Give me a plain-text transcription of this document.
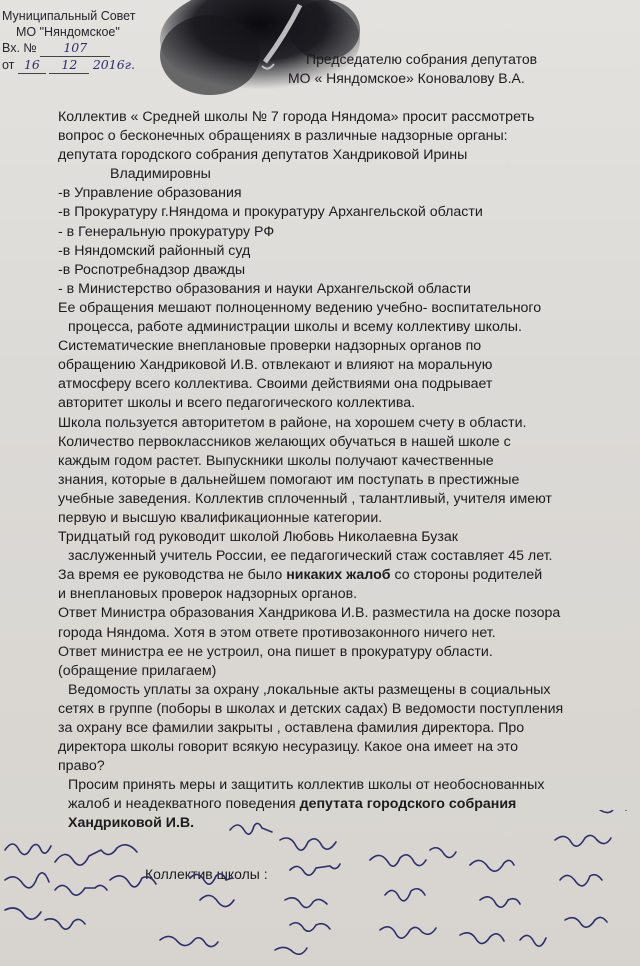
Муниципальный Совет
МО "Няндомское"
Вх. № 107
от 16 12 2016г.	Председателю собрания депутатов
МО « Няндомское» Коновалову В.А.

Коллектив « Средней школы № 7 города Няндома» просит рассмотреть

вопрос о бесконечных обращениях в различные надзорные органы:

депутата городского собрания депутатов Хандриковой Ирины

Владимировны

-в Управление образования

-в Прокуратуру г.Няндома и прокуратуру Архангельской области

- в Генеральную прокуратуру РФ

-в Няндомский районный суд

-в Роспотребнадзор дважды

- в Министерство образования и науки Архангельской области

Ее обращения мешают полноценному ведению учебно- воспитательного

процесса, работе администрации школы и всему коллективу школы.

Систематические внеплановые проверки надзорных органов по

обращению Хандриковой И.В. отвлекают и влияют на моральную

атмосферу всего коллектива. Своими действиями она подрывает

авторитет школы и всего педагогического коллектива.

Школа пользуется авторитетом в районе, на хорошем счету в области.

Количество первоклассников желающих обучаться в нашей школе с

каждым годом растет. Выпускники школы получают качественные

знания, которые в дальнейшем помогают им поступать в престижные

учебные заведения. Коллектив сплоченный , талантливый, учителя имеют

первую и высшую квалификационные категории.

Тридцатый год руководит школой Любовь Николаевна Бузак

заслуженный учитель России, ее педагогический стаж составляет 45 лет.

За время ее руководства не было никаких жалоб со стороны родителей

и внеплановых проверок надзорных органов.

Ответ Министра образования Хандрикова И.В. разместила на доске позора

города Няндома. Хотя в этом ответе противозаконного ничего нет.

Ответ министра ее не устроил, она пишет в прокуратуру области.

(обращение прилагаем)

Ведомость уплаты за охрану ,локальные акты размещены в социальных

сетях в группе (поборы в школах и детских садах) В ведомости поступления

за охрану все фамилии закрыты , оставлена фамилия директора. Про

директора школы говорит всякую несуразицу. Какое она имеет на это

право?

Просим принять меры и защитить коллектив школы от необоснованных

жалоб и неадекватного поведения депутата городского собрания

Хандриковой И.В.

Коллектив школы :
